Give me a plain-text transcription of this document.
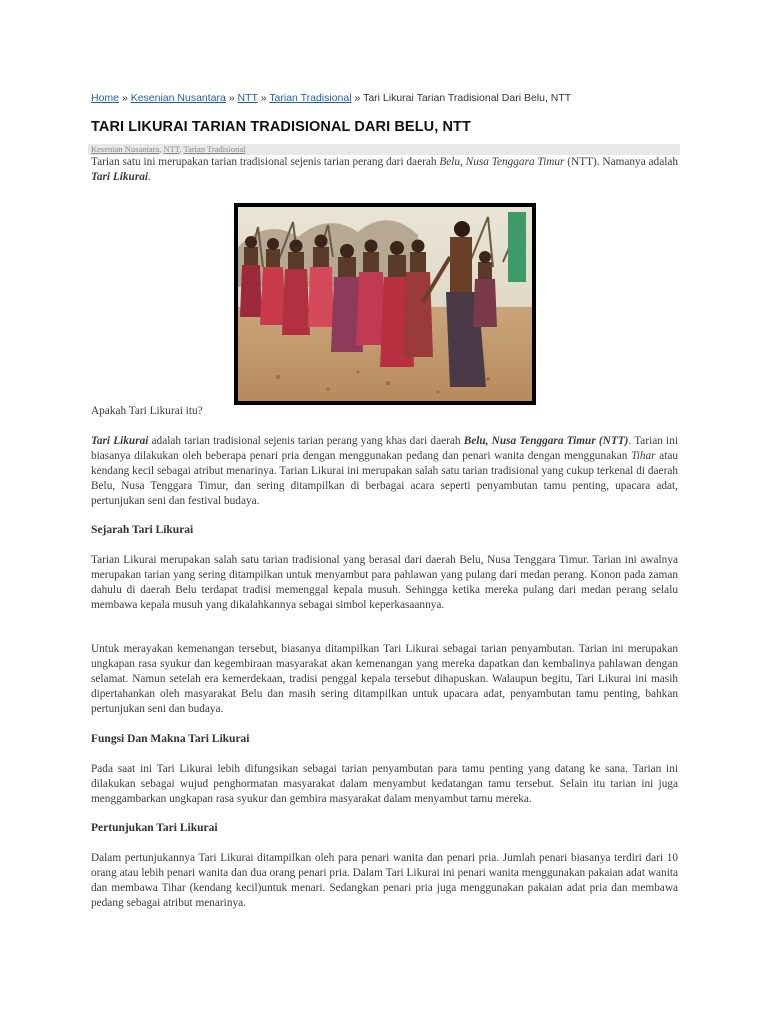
Home » Kesenian Nusantara » NTT » Tarian Tradisional » Tari Likurai Tarian Tradisional Dari Belu, NTT
TARI LIKURAI TARIAN TRADISIONAL DARI BELU, NTT
Kesenian Nusantara, NTT, Tarian Tradisional

Tarian satu ini merupakan tarian tradisional sejenis tarian perang dari daerah Belu, Nusa Tenggara Timur (NTT). Namanya adalah Tari Likurai.

Apakah Tari Likurai itu?

Tari Likurai adalah tarian tradisional sejenis tarian perang yang khas dari daerah Belu, Nusa Tenggara Timur (NTT). Tarian ini biasanya dilakukan oleh beberapa penari pria dengan menggunakan pedang dan penari wanita dengan menggunakan Tihar atau kendang kecil sebagai atribut menarinya. Tarian Likurai ini merupakan salah satu tarian tradisional yang cukup terkenal di daerah Belu, Nusa Tenggara Timur, dan sering ditampilkan di berbagai acara seperti penyambutan tamu penting, upacara adat, pertunjukan seni dan festival budaya.

Sejarah Tari Likurai

Tarian Likurai merupakan salah satu tarian tradisional yang berasal dari daerah Belu, Nusa Tenggara Timur. Tarian ini awalnya merupakan tarian yang sering ditampilkan untuk menyambut para pahlawan yang pulang dari medan perang. Konon pada zaman dahulu di daerah Belu terdapat tradisi memenggal kepala musuh. Sehingga ketika mereka pulang dari medan perang selalu membawa kepala musuh yang dikalahkannya sebagai simbol keperkasaannya.

Untuk merayakan kemenangan tersebut, biasanya ditampilkan Tari Likurai sebagai tarian penyambutan. Tarian ini merupakan ungkapan rasa syukur dan kegembiraan masyarakat akan kemenangan yang mereka dapatkan dan kembalinya pahlawan dengan selamat. Namun setelah era kemerdekaan, tradisi penggal kepala tersebut dihapuskan. Walaupun begitu, Tari Likurai ini masih dipertahankan oleh masyarakat Belu dan masih sering ditampilkan untuk upacara adat, penyambutan tamu penting, bahkan pertunjukan seni dan budaya.

Fungsi Dan Makna Tari Likurai

Pada saat ini Tari Likurai lebih difungsikan sebagai tarian penyambutan para tamu penting yang datang ke sana. Tarian ini dilakukan sebagai wujud penghormatan masyarakat dalam menyambut kedatangan tamu tersebut. Selain itu tarian ini juga menggambarkan ungkapan rasa syukur dan gembira masyarakat dalam menyambut tamu mereka.

Pertunjukan Tari Likurai

Dalam pertunjukannya Tari Likurai ditampilkan oleh para penari wanita dan penari pria. Jumlah penari biasanya terdiri dari 10 orang atau lebih penari wanita dan dua orang penari pria. Dalam Tari Likurai ini penari wanita menggunakan pakaian adat wanita dan membawa Tihar (kendang kecil)untuk menari. Sedangkan penari pria juga menggunakan pakaian adat pria dan membawa pedang sebagai atribut menarinya.
